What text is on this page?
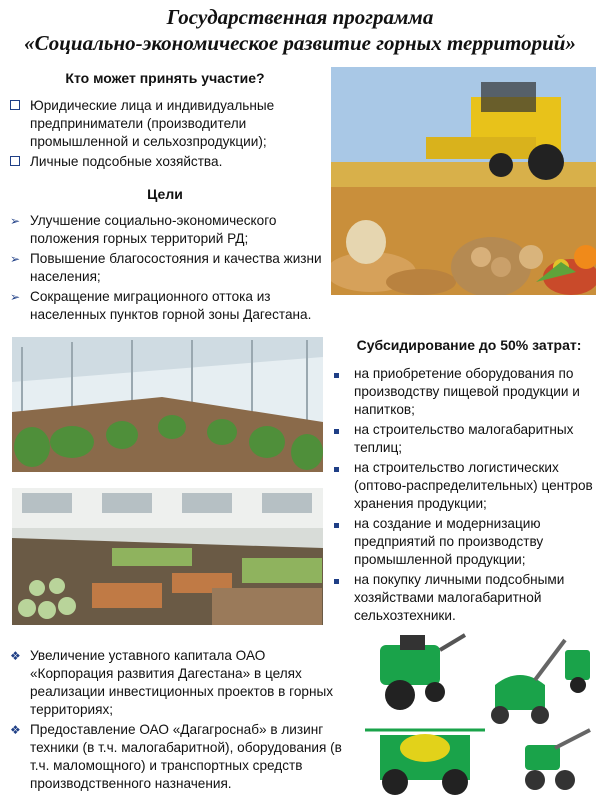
Государственная программа
«Социально-экономическое развитие горных территорий»
Кто может принять участие?
Юридические лица и индивидуальные предприниматели (производители промышленной и сельхозпродукции);
Личные подсобные хозяйства.
Цели
➢ Улучшение социально-экономического положения горных территорий РД;
➢ Повышение благосостояния и качества жизни населения;
➢ Сокращение миграционного оттока из населенных пунктов горной зоны Дагестана.
Субсидирование до 50% затрат:
на приобретение оборудования по производству пищевой продукции и напитков;
на строительство малогабаритных теплиц;
на строительство логистических (оптово-распределительных) центров хранения продукции;
на создание и модернизацию предприятий по производству промышленной продукции;
на покупку личными подсобными хозяйствами малогабаритной сельхозтехники.
❖ Увеличение уставного капитала ОАО «Корпорация развития Дагестана» в целях реализации инвестиционных проектов в горных территориях;
❖ Предоставление ОАО «Дагагроснаб» в лизинг техники (в т.ч. малогабаритной), оборудования (в т.ч. маломощного) и транспортных средств производственного назначения.
